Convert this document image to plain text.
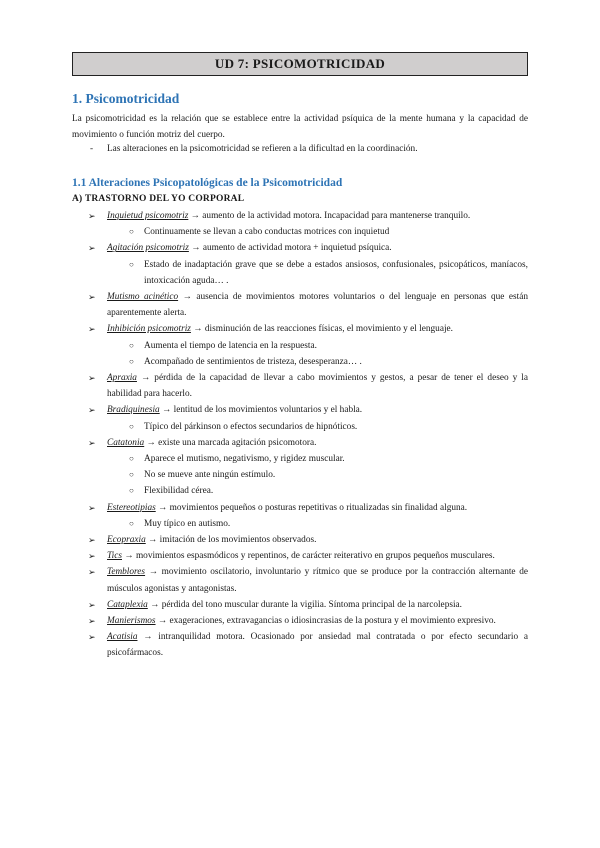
UD 7: PSICOMOTRICIDAD
1. Psicomotricidad
La psicomotricidad es la relación que se establece entre la actividad psíquica de la mente humana y la capacidad de
movimiento o función motriz del cuerpo.
- Las alteraciones en la psicomotricidad se refieren a la dificultad en la coordinación.
1.1 Alteraciones Psicopatológicas de la Psicomotricidad
A) TRASTORNO DEL YO CORPORAL
➢ Inquietud psicomotriz → aumento de la actividad motora. Incapacidad para mantenerse tranquilo.
○ Continuamente se llevan a cabo conductas motrices con inquietud
➢ Agitación psicomotriz → aumento de actividad motora + inquietud psíquica.
○ Estado de inadaptación grave que se debe a estados ansiosos, confusionales, psicopáticos, maníacos, intoxicación aguda… .
➢ Mutismo acinético → ausencia de movimientos motores voluntarios o del lenguaje en personas que están aparentemente alerta.
➢ Inhibición psicomotriz → disminución de las reacciones físicas, el movimiento y el lenguaje.
○ Aumenta el tiempo de latencia en la respuesta.
○ Acompañado de sentimientos de tristeza, desesperanza… .
➢ Apraxia → pérdida de la capacidad de llevar a cabo movimientos y gestos, a pesar de tener el deseo y la habilidad para hacerlo.
➢ Bradiquinesia → lentitud de los movimientos voluntarios y el habla.
○ Típico del párkinson o efectos secundarios de hipnóticos.
➢ Catatonia → existe una marcada agitación psicomotora.
○ Aparece el mutismo, negativismo, y rigidez muscular.
○ No se mueve ante ningún estímulo.
○ Flexibilidad cérea.
➢ Estereotipias → movimientos pequeños o posturas repetitivas o ritualizadas sin finalidad alguna.
○ Muy típico en autismo.
➢ Ecopraxia → imitación de los movimientos observados.
➢ Tics → movimientos espasmódicos y repentinos, de carácter reiterativo en grupos pequeños musculares.
➢ Temblores → movimiento oscilatorio, involuntario y rítmico que se produce por la contracción alternante de músculos agonistas y antagonistas.
➢ Cataplexia → pérdida del tono muscular durante la vigilia. Síntoma principal de la narcolepsia.
➢ Manierismos → exageraciones, extravagancias o idiosincrasias de la postura y el movimiento expresivo.
➢ Acatisia → intranquilidad motora. Ocasionado por ansiedad mal contratada o por efecto secundario a psicofármacos.
